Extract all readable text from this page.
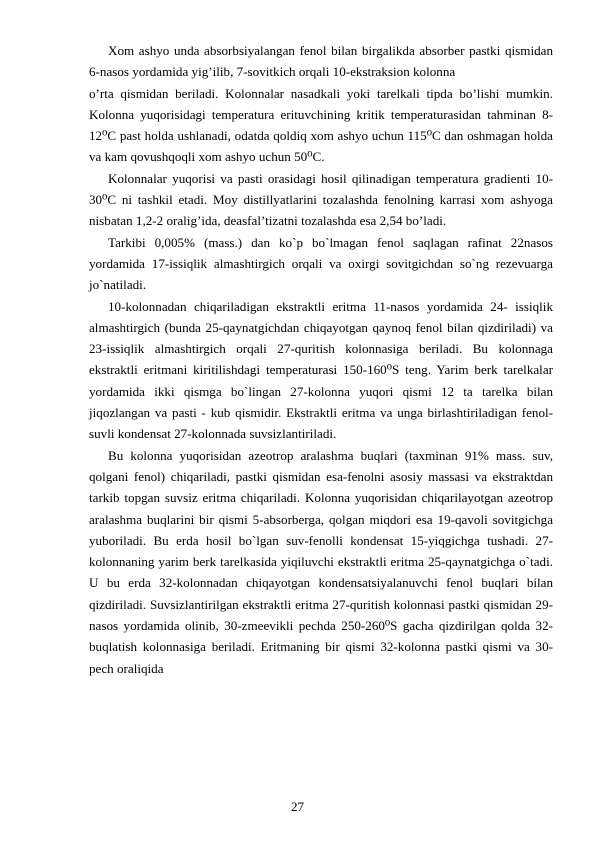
Xom ashyo unda absorbsiyalangan fenol bilan birgalikda absorber pastki qismidan 6-nasos yordamida yig’ilib, 7-sovitkich orqali 10-ekstraksion kolonna

o’rta qismidan beriladi. Kolonnalar nasadkali yoki tarelkali tipda bo’lishi mumkin. Kolonna yuqorisidagi temperatura erituvchining kritik temperaturasidan tahminan 8-12⁰C past holda ushlanadi, odatda qoldiq xom ashyo uchun 115⁰C dan oshmagan holda va kam qovushqoqli xom ashyo uchun 50⁰C.

Kolonnalar yuqorisi va pasti orasidagi hosil qilinadigan temperatura gradienti 10-30⁰C ni tashkil etadi. Moy distillyatlarini tozalashda fenolning karrasi xom ashyoga nisbatan 1,2-2 oralig’ida, deasfal’tizatni tozalashda esa 2,54 bo’ladi.

Tarkibi 0,005% (mass.) dan ko`p bo`lmagan fenol saqlagan rafinat 22nasos yordamida 17-issiqlik almashtirgich orqali va oxirgi sovitgichdan so`ng rezevuarga jo`natiladi.

10-kolonnadan chiqariladigan ekstraktli eritma 11-nasos yordamida 24- issiqlik almashtirgich (bunda 25-qaynatgichdan chiqayotgan qaynoq fenol bilan qizdiriladi) va 23-issiqlik almashtirgich orqali 27-quritish kolonnasiga beriladi. Bu kolonnaga ekstraktli eritmani kiritilishdagi temperaturasi 150-160⁰S teng. Yarim berk tarelkalar yordamida ikki qismga bo`lingan 27-kolonna yuqori qismi 12 ta tarelka bilan jiqozlangan va pasti - kub qismidir. Ekstraktli eritma va unga birlashtiriladigan fenol-suvli kondensat 27-kolonnada suvsizlantiriladi.

Bu kolonna yuqorisidan azeotrop aralashma buqlari (taxminan 91% mass. suv, qolgani fenol) chiqariladi, pastki qismidan esa-fenolni asosiy massasi va ekstraktdan tarkib topgan suvsiz eritma chiqariladi. Kolonna yuqorisidan chiqarilayotgan azeotrop aralashma buqlarini bir qismi 5-absorberga, qolgan miqdori esa 19-qavoli sovitgichga yuboriladi. Bu erda hosil bo`lgan suv-fenolli kondensat 15-yiqgichga tushadi. 27-kolonnaning yarim berk tarelkasida yiqiluvchi ekstraktli eritma 25-qaynatgichga o`tadi. U bu erda 32-kolonnadan chiqayotgan kondensatsiyalanuvchi fenol buqlari bilan qizdiriladi. Suvsizlantirilgan ekstraktli eritma 27-quritish kolonnasi pastki qismidan 29-nasos yordamida olinib, 30-zmeevikli pechda 250-260⁰S gacha qizdirilgan qolda 32-buqlatish kolonnasiga beriladi. Eritmaning bir qismi 32-kolonna pastki qismi va 30-pech oraliqida

27
